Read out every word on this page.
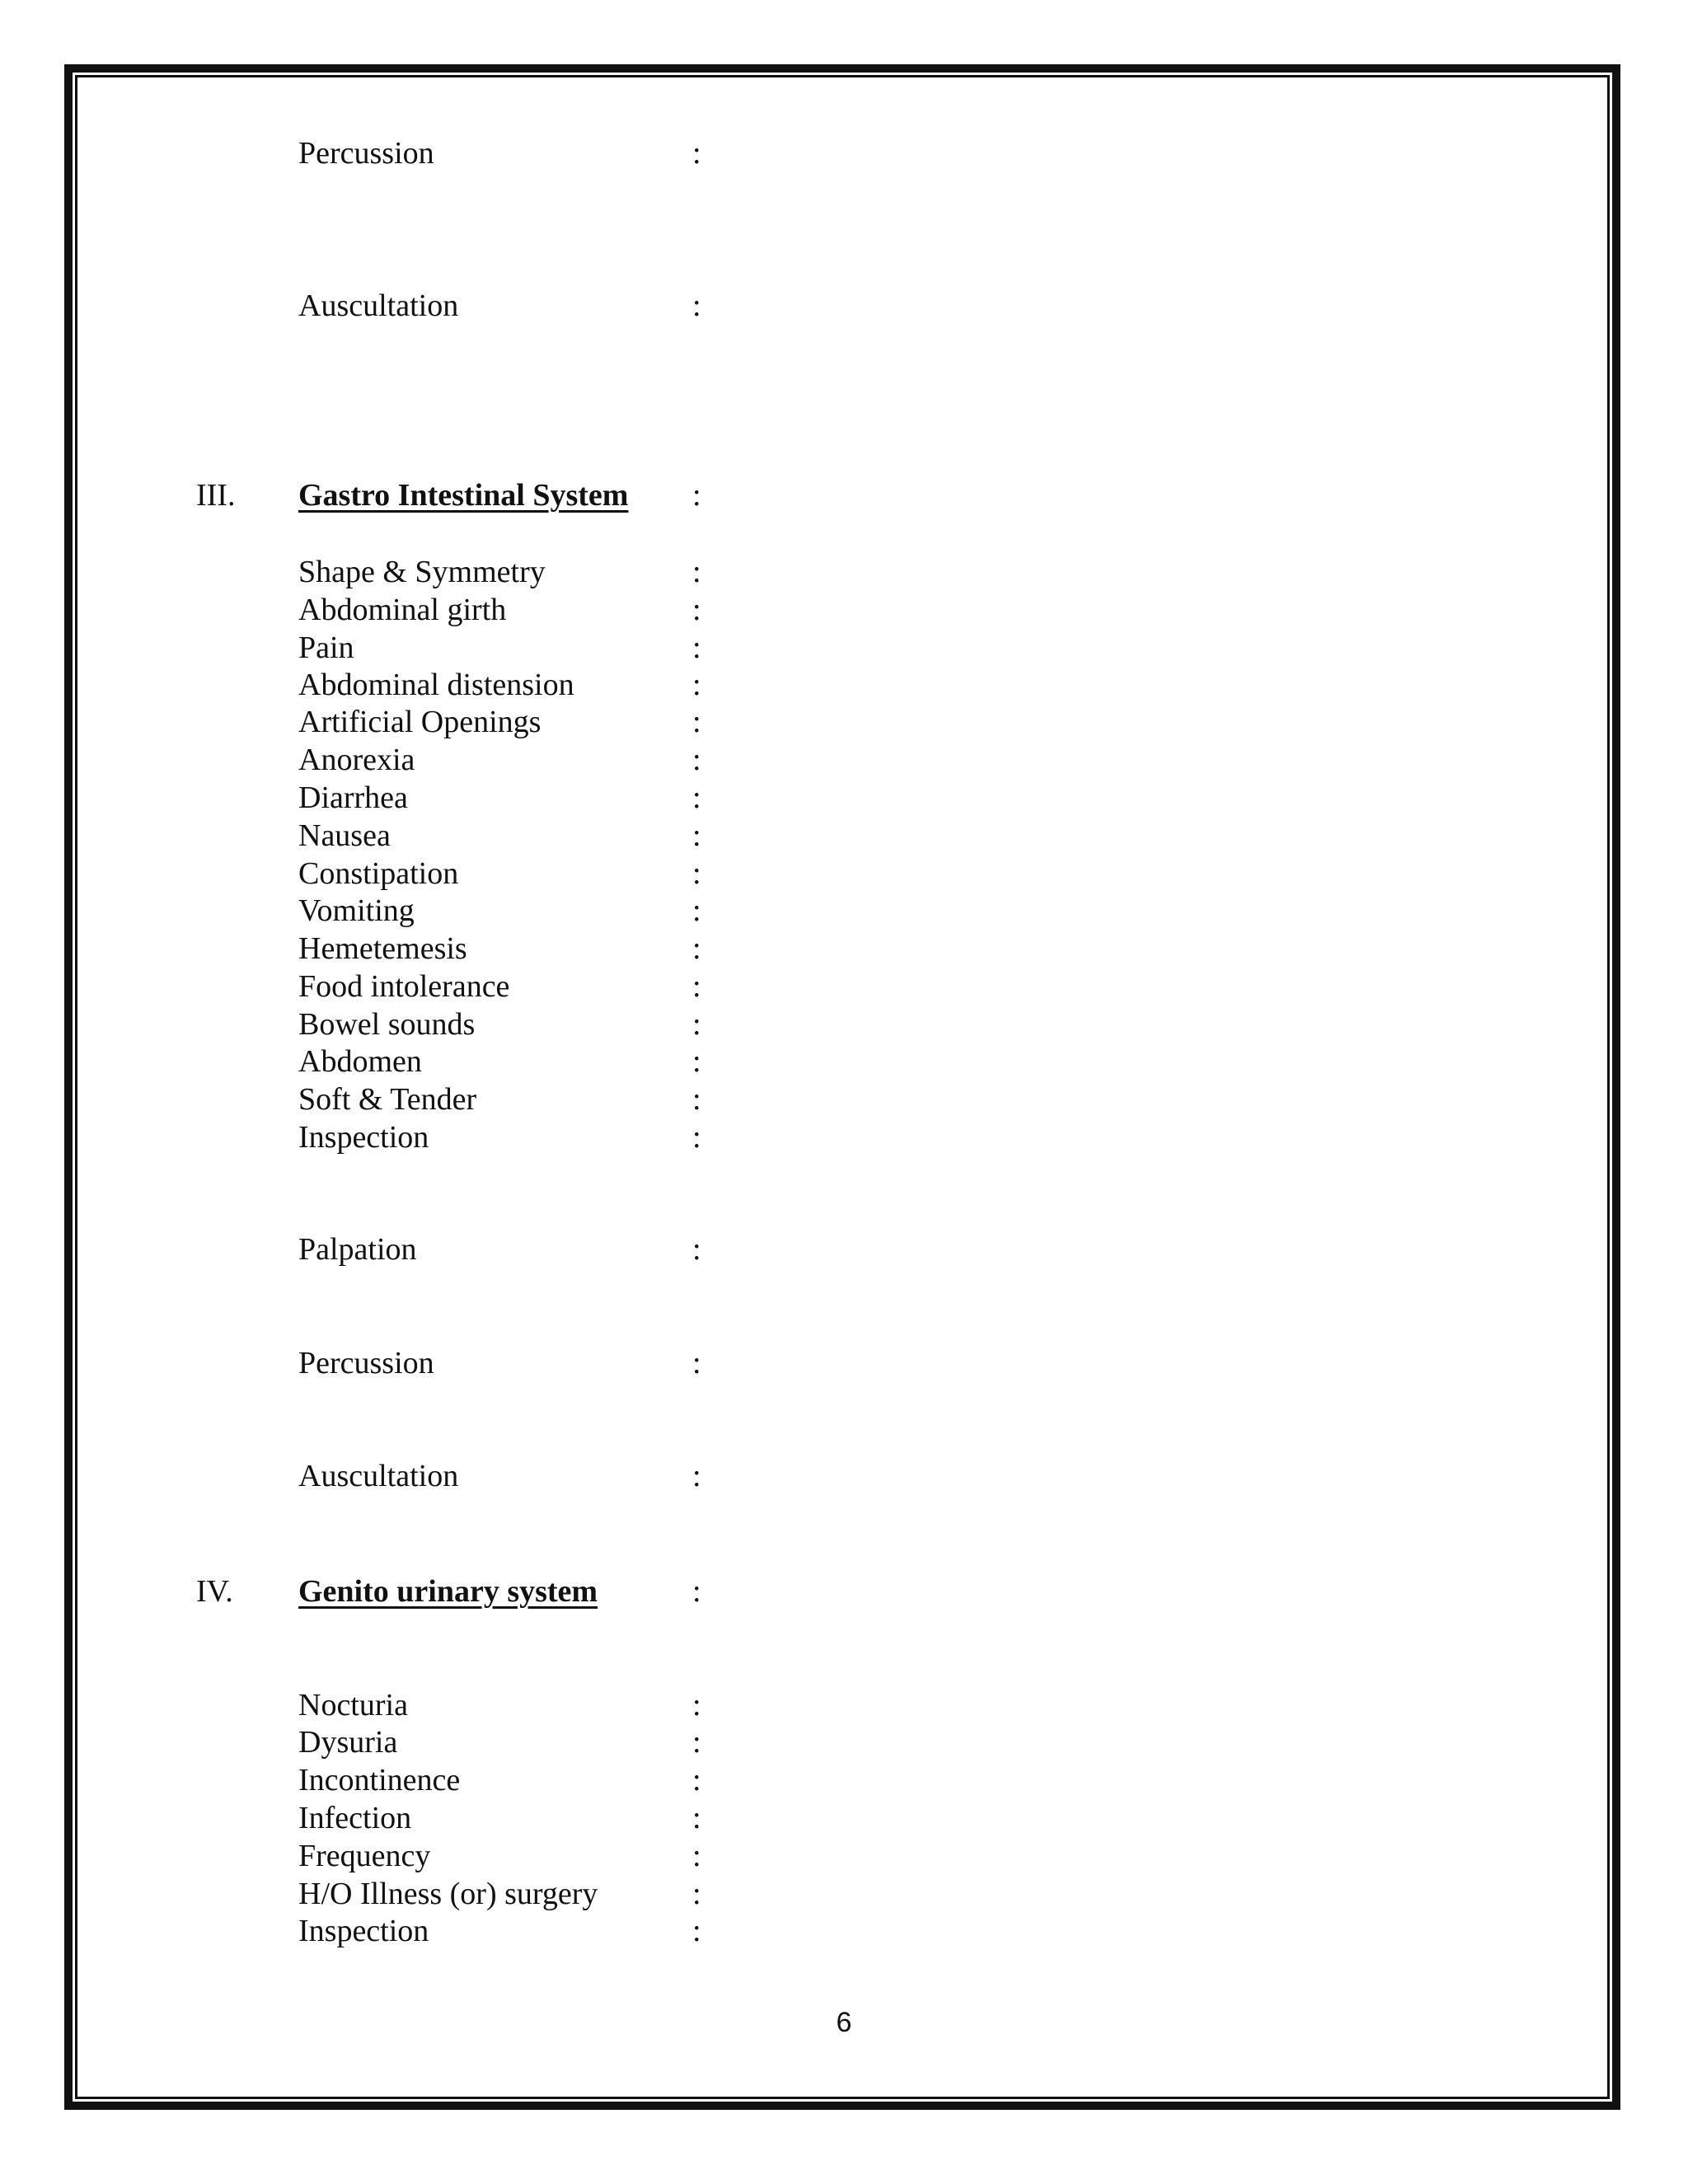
Percussion	:
Auscultation	:
III. Gastro Intestinal System :
Shape & Symmetry	:
Abdominal girth	:
Pain	:
Abdominal distension	:
Artificial Openings	:
Anorexia	:
Diarrhea	:
Nausea	:
Constipation	:
Vomiting	:
Hemetemesis	:
Food intolerance	:
Bowel sounds	:
Abdomen	:
Soft & Tender	:
Inspection	:
Palpation	:
Percussion	:
Auscultation	:
IV. Genito urinary system	:
Nocturia	:
Dysuria	:
Incontinence	:
Infection	:
Frequency	:
H/O Illness (or) surgery	:
Inspection	:
6
